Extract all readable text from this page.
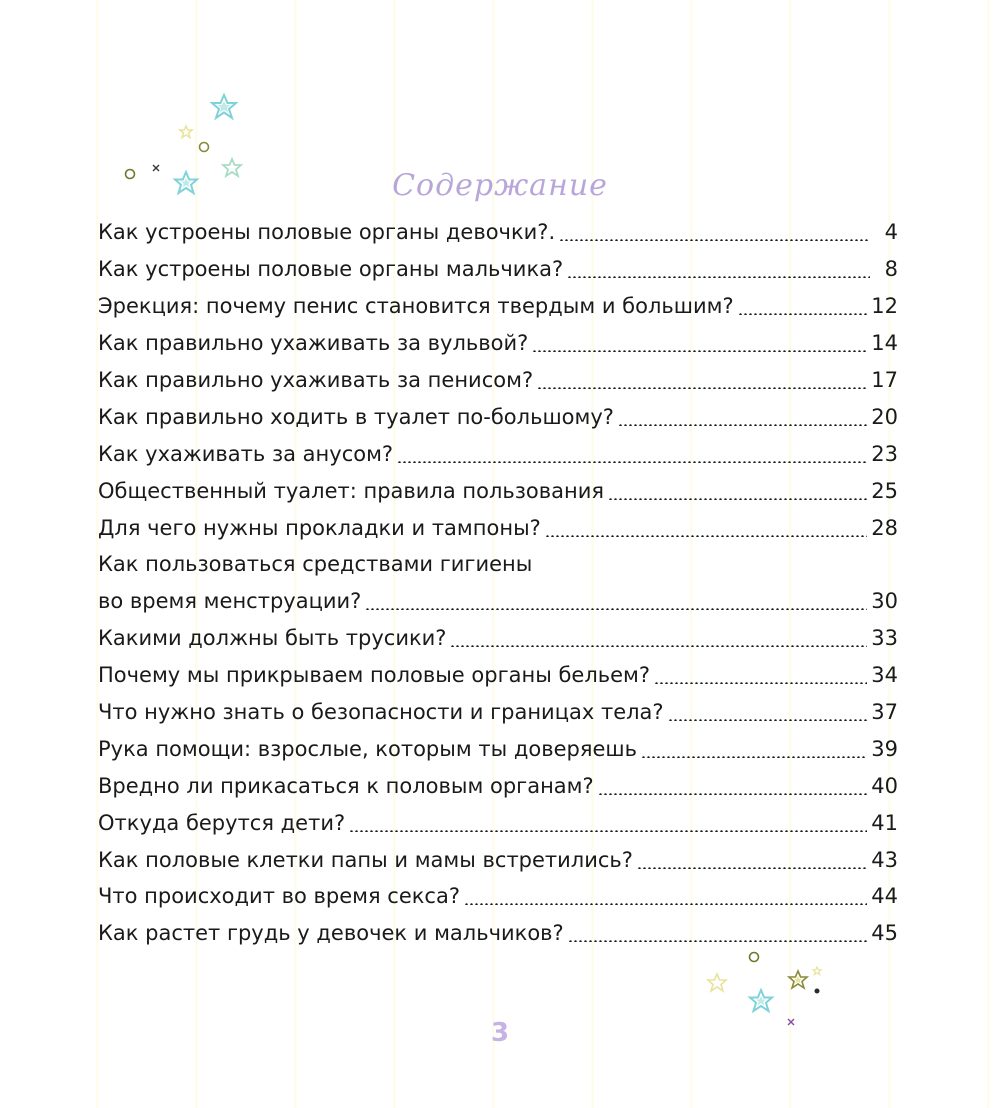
Содержание
Как устроены половые органы девочки?.	4
Как устроены половые органы мальчика?	8
Эрекция: почему пенис становится твердым и большим?	12
Как правильно ухаживать за вульвой?	14
Как правильно ухаживать за пенисом?	17
Как правильно ходить в туалет по-большому?	20
Как ухаживать за анусом?	23
Общественный туалет: правила пользования	25
Для чего нужны прокладки и тампоны?	28
Как пользоваться средствами гигиены
во время менструации?	30
Какими должны быть трусики?	33
Почему мы прикрываем половые органы бельем?	34
Что нужно знать о безопасности и границах тела?	37
Рука помощи: взрослые, которым ты доверяешь	39
Вредно ли прикасаться к половым органам?	40
Откуда берутся дети?	41
Как половые клетки папы и мамы встретились?	43
Что происходит во время секса?	44
Как растет грудь у девочек и мальчиков?	45
3
